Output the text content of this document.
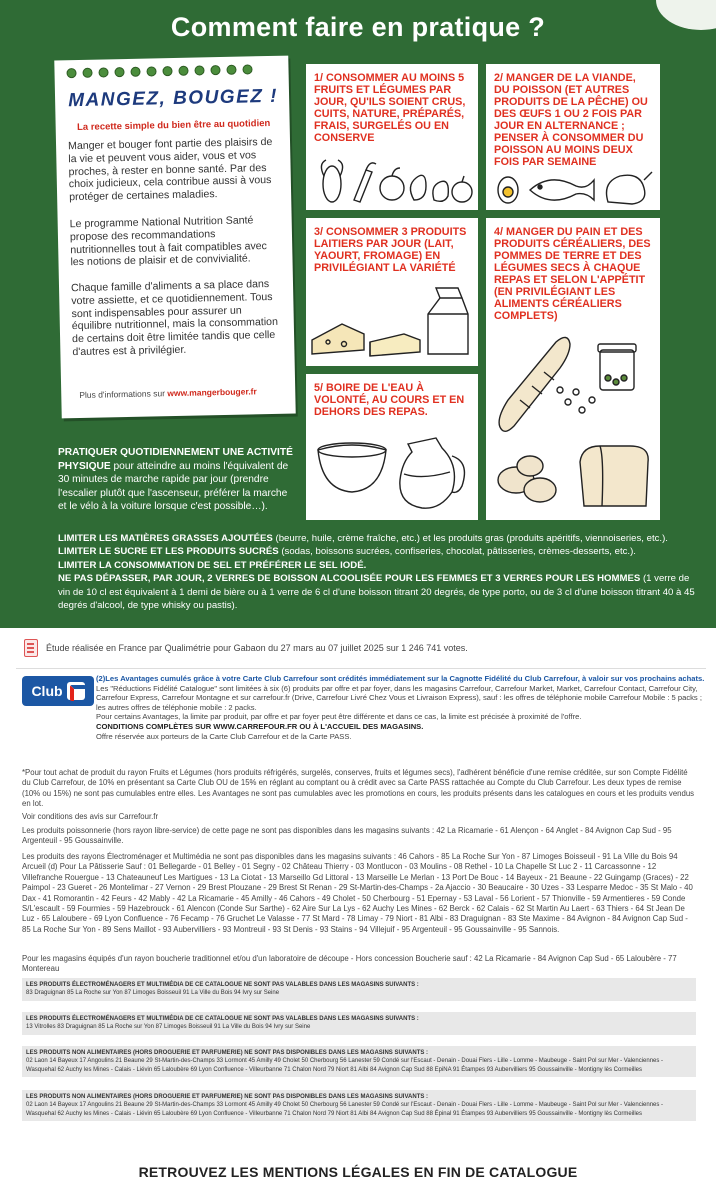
Comment faire en pratique ?
MANGEZ, BOUGEZ !
La recette simple du bien être au quotidien
Manger et bouger font partie des plaisirs de la vie et peuvent vous aider, vous et vos proches, à rester en bonne santé. Par des choix judicieux, cela contribue aussi à vous protéger de certaines maladies.
Le programme National Nutrition Santé propose des recommandations nutritionnelles tout à fait compatibles avec les notions de plaisir et de convivialité.
Chaque famille d'aliments a sa place dans votre assiette, et ce quotidiennement. Tous sont indispensables pour assurer un équilibre nutritionnel, mais la consommation de certains doit être limitée tandis que celle d'autres est à privilégier.
Plus d'informations sur www.mangerbouger.fr
1/ CONSOMMER AU MOINS 5 FRUITS ET LÉGUMES PAR JOUR, QU'ILS SOIENT CRUS, CUITS, NATURE, PRÉPARÉS, FRAIS, SURGELÉS OU EN CONSERVE
2/ MANGER DE LA VIANDE, DU POISSON (ET AUTRES PRODUITS DE LA PÊCHE) OU DES ŒUFS 1 OU 2 FOIS PAR JOUR EN ALTERNANCE ; PENSER À CONSOMMER DU POISSON AU MOINS DEUX FOIS PAR SEMAINE
3/ CONSOMMER 3 PRODUITS LAITIERS PAR JOUR (LAIT, YAOURT, FROMAGE) EN PRIVILÉGIANT LA VARIÉTÉ
4/ MANGER DU PAIN ET DES PRODUITS CÉRÉALIERS, DES POMMES DE TERRE ET DES LÉGUMES SECS À CHAQUE REPAS ET SELON L'APPÉTIT (EN PRIVILÉGIANT LES ALIMENTS CÉRÉALIERS COMPLETS)
5/ BOIRE DE L'EAU À VOLONTÉ, AU COURS ET EN DEHORS DES REPAS.
PRATIQUER QUOTIDIENNEMENT UNE ACTIVITÉ PHYSIQUE pour atteindre au moins l'équivalent de 30 minutes de marche rapide par jour (prendre l'escalier plutôt que l'ascenseur, préférer la marche et le vélo à la voiture lorsque c'est possible…).
LIMITER LES MATIÈRES GRASSES AJOUTÉES (beurre, huile, crème fraîche, etc.) et les produits gras (produits apéritifs, viennoiseries, etc.).
LIMITER LE SUCRE ET LES PRODUITS SUCRÉS (sodas, boissons sucrées, confiseries, chocolat, pâtisseries, crèmes-desserts, etc.).
LIMITER LA CONSOMMATION DE SEL ET PRÉFÉRER LE SEL IODÉ.
NE PAS DÉPASSER, PAR JOUR, 2 VERRES DE BOISSON ALCOOLISÉE POUR LES FEMMES ET 3 VERRES POUR LES HOMMES (1 verre de vin de 10 cl est équivalent à 1 demi de bière ou à 1 verre de 6 cl d'une boisson titrant 20 degrés, de type porto, ou de 3 cl d'une boisson titrant 40 à 45 degrés d'alcool, de type whisky ou pastis).
Étude réalisée en France par Qualimétrie pour Gabaon du 27 mars au 07 juillet 2025 sur 1 246 741 votes.
Club
(2)Les Avantages cumulés grâce à votre Carte Club Carrefour sont crédités immédiatement sur la Cagnotte Fidélité du Club Carrefour, à valoir sur vos prochains achats.
Les "Réductions Fidélité Catalogue" sont limitées à six (6) produits par offre et par foyer, dans les magasins Carrefour, Carrefour Market, Market, Carrefour Contact, Carrefour City, Carrefour Express, Carrefour Montagne et sur carrefour.fr (Drive, Carrefour Livré Chez Vous et Livraison Express), sauf : les offres de téléphonie mobile Carrefour Mobile : 5 packs ; les autres offres de téléphonie mobile : 2 packs.
Pour certains Avantages, la limite par produit, par offre et par foyer peut être différente et dans ce cas, la limite est précisée à proximité de l'offre.
CONDITIONS COMPLÈTES SUR WWW.CARREFOUR.FR OU À L'ACCUEIL DES MAGASINS.
Offre réservée aux porteurs de la Carte Club Carrefour et de la Carte PASS.
*Pour tout achat de produit du rayon Fruits et Légumes (hors produits réfrigérés, surgelés, conserves, fruits et légumes secs), l'adhérent bénéficie d'une remise créditée, sur son Compte Fidélité du Club Carrefour, de 10% en présentant sa Carte Club OU de 15% en réglant au comptant ou à crédit avec sa Carte PASS rattachée au Compte du Club Carrefour. Les deux types de remise (10% ou 15%) ne sont pas cumulables entre elles. Les Avantages ne sont pas cumulables avec les promotions en cours, les produits présents dans les catalogues en cours et les produits vendus en lot.
Voir conditions des avis sur Carrefour.fr
Les produits poissonnerie (hors rayon libre-service) de cette page ne sont pas disponibles dans les magasins suivants : 42 La Ricamarie - 61 Alençon - 64 Anglet - 84 Avignon Cap Sud - 95 Argenteuil - 95 Goussainville.
Les produits des rayons Électroménager et Multimédia ne sont pas disponibles dans les magasins suivants : 46 Cahors - 85 La Roche Sur Yon - 87 Limoges Boisseuil - 91 La Ville du Bois 94 Arcueil (d) Pour La Pâtisserie Sauf : 01 Bellegarde - 01 Belley - 01 Segny - 02 Château Thierry - 03 Montlucon - 03 Moulins - 08 Rethel - 10 La Chapelle St Luc 2 - 11 Carcassonne - 12 Villefranche Rouergue - 13 Chateauneuf Les Martigues - 13 La Ciotat - 13 Marseillo Gd Littoral - 13 Marseille Le Merlan - 13 Port De Bouc - 14 Bayeux - 21 Beaune - 22 Guingamp (Graces) - 22 Paimpol - 23 Gueret - 26 Montelimar - 27 Vernon - 29 Brest Plouzane - 29 Brest St Renan - 29 St-Martin-des-Champs - 2a Ajaccio - 30 Beaucaire - 30 Uzes - 33 Lesparre Medoc - 35 St Malo - 40 Dax - 41 Romorantin - 42 Feurs - 42 Mably - 42 La Ricamarie - 45 Amilly - 46 Cahors - 49 Cholet - 50 Cherbourg - 51 Epernay - 53 Laval - 56 Lorient - 57 Thionville - 59 Armentieres - 59 Conde S/L'escault - 59 Fourmies - 59 Hazebrouck - 61 Alencon (Conde Sur Sarthe) - 62 Aire Sur La Lys - 62 Auchy Les Mines - 62 Berck - 62 Calais - 62 St Martin Au Laert - 63 Thiers - 64 St Jean De Luz - 65 Laloubere - 69 Lyon Confluence - 76 Fecamp - 76 Gruchet Le Valasse - 77 St Mard - 78 Limay - 79 Niort - 81 Albi - 83 Draguignan - 83 Ste Maxime - 84 Avignon - 84 Avignon Cap Sud - 85 La Roche Sur Yon - 89 Sens Maillot - 93 Aubervilliers - 93 Montreuil - 93 St Denis - 93 Stains - 94 Villejuif - 95 Argenteuil - 95 Goussainville - 95 Sannois.
Pour les magasins équipés d'un rayon boucherie traditionnel et/ou d'un laboratoire de découpe - Hors concession Boucherie sauf : 42 La Ricamarie - 84 Avignon Cap Sud - 65 Laloubère - 77 Montereau
LES PRODUITS ÉLECTROMÉNAGERS ET MULTIMÉDIA DE CE CATALOGUE NE SONT PAS VALABLES DANS LES MAGASINS SUIVANTS :
83 Draguignan 85 La Roche sur Yon 87 Limoges Boisseuil 91 La Ville du Bois 94 Ivry sur Seine
LES PRODUITS ÉLECTROMÉNAGERS ET MULTIMÉDIA DE CE CATALOGUE NE SONT PAS VALABLES DANS LES MAGASINS SUIVANTS :
13 Vitrolles 83 Draguignan 85 La Roche sur Yon 87 Limoges Boisseuil 91 La Ville du Bois 94 Ivry sur Seine
LES PRODUITS NON ALIMENTAIRES (HORS DROGUERIE ET PARFUMERIE) NE SONT PAS DISPONIBLES DANS LES MAGASINS SUIVANTS :
02 Laon 14 Bayeux 17 Angoulins 21 Beaune 29 St-Martin-des-Champs 33 Lormont 45 Amilly 49 Cholet 50 Cherbourg 56 Lanester 59 Condé sur l'Escaut - Denain - Douai Flers - Lille - Lomme - Maubeuge - Saint Pol sur Mer - Valenciennes - Wasquehal 62 Auchy les Mines - Calais - Liévin 65 Laloubère 69 Lyon Confluence - Villeurbanne 71 Chalon Nord 79 Niort 81 Albi 84 Avignon Cap Sud 88 EpiNA 91 Étampes 93 Aubervilliers 95 Goussainville - Montigny lès Cormeilles
LES PRODUITS NON ALIMENTAIRES (HORS DROGUERIE ET PARFUMERIE) NE SONT PAS DISPONIBLES DANS LES MAGASINS SUIVANTS :
02 Laon 14 Bayeux 17 Angoulins 21 Beaune 29 St-Martin-des-Champs 33 Lormont 45 Amilly 49 Cholet 50 Cherbourg 56 Lanester 59 Condé sur l'Escaut - Denain - Douai Flers - Lille - Lomme - Maubeuge - Saint Pol sur Mer - Valenciennes - Wasquehal 62 Auchy les Mines - Calais - Liévin 65 Laloubère 69 Lyon Confluence - Villeurbanne 71 Chalon Nord 79 Niort 81 Albi 84 Avignon Cap Sud 88 Épinal 91 Étampes 93 Aubervilliers 95 Goussainville - Montigny lès Cormeilles
RETROUVEZ LES MENTIONS LÉGALES EN FIN DE CATALOGUE
